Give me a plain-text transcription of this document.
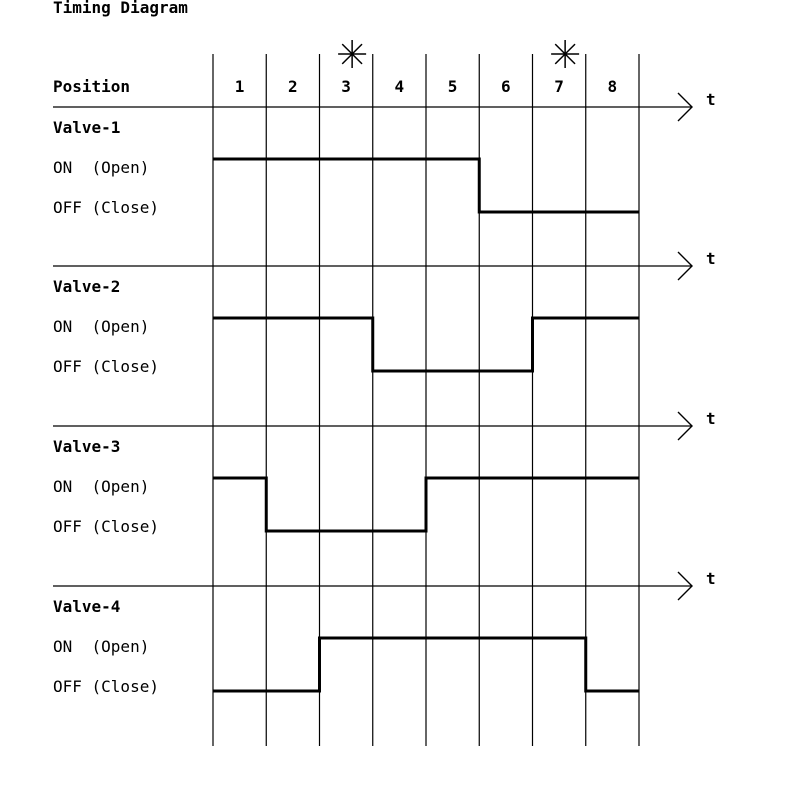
Timing Diagram
Position	1	2	3	4	5	6	7	8
t
Valve-1
ON  (Open)
OFF (Close)
t
Valve-2
ON  (Open)
OFF (Close)
t
Valve-3
ON  (Open)
OFF (Close)
t
Valve-4
ON  (Open)
OFF (Close)
